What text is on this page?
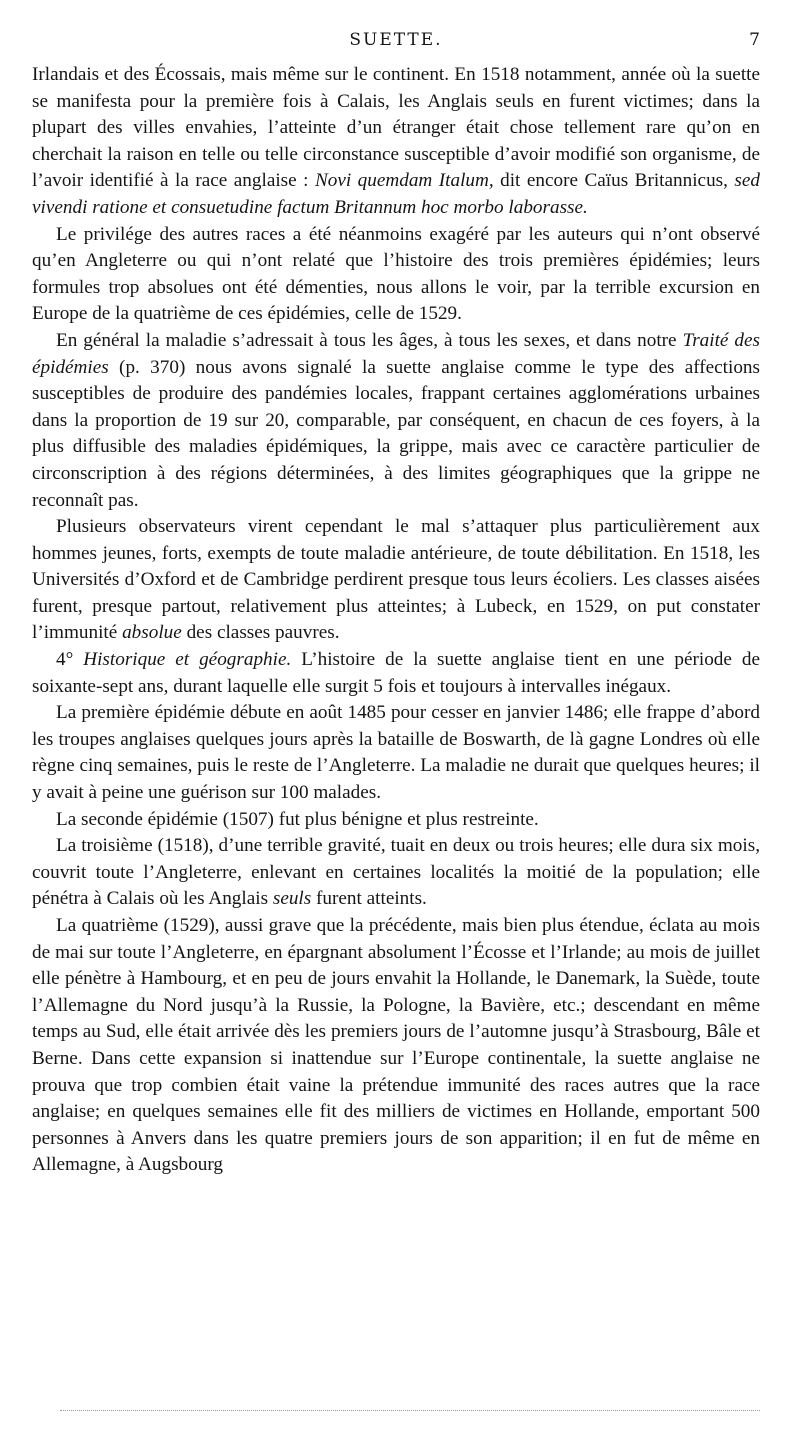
SUETTE.	7

Irlandais et des Écossais, mais même sur le continent. En 1518 notamment, année où la suette se manifesta pour la première fois à Calais, les Anglais seuls en furent victimes; dans la plupart des villes envahies, l’atteinte d’un étranger était chose tellement rare qu’on en cherchait la raison en telle ou telle circonstance susceptible d’avoir modifié son organisme, de l’avoir identifié à la race anglaise : Novi quemdam Italum, dit encore Caïus Britannicus, sed vivendi ratione et consuetudine factum Britannum hoc morbo laborasse.

Le privilége des autres races a été néanmoins exagéré par les auteurs qui n’ont observé qu’en Angleterre ou qui n’ont relaté que l’histoire des trois premières épidémies; leurs formules trop absolues ont été démenties, nous allons le voir, par la terrible excursion en Europe de la quatrième de ces épidémies, celle de 1529.

En général la maladie s’adressait à tous les âges, à tous les sexes, et dans notre Traité des épidémies (p. 370) nous avons signalé la suette anglaise comme le type des affections susceptibles de produire des pandémies locales, frappant certaines agglomérations urbaines dans la proportion de 19 sur 20, comparable, par conséquent, en chacun de ces foyers, à la plus diffusible des maladies épidémiques, la grippe, mais avec ce caractère particulier de circonscription à des régions déterminées, à des limites géographiques que la grippe ne reconnaît pas.

Plusieurs observateurs virent cependant le mal s’attaquer plus particulièrement aux hommes jeunes, forts, exempts de toute maladie antérieure, de toute débilitation. En 1518, les Universités d’Oxford et de Cambridge perdirent presque tous leurs écoliers. Les classes aisées furent, presque partout, relativement plus atteintes; à Lubeck, en 1529, on put constater l’immunité absolue des classes pauvres.

4° Historique et géographie. L’histoire de la suette anglaise tient en une période de soixante-sept ans, durant laquelle elle surgit 5 fois et toujours à intervalles inégaux.

La première épidémie débute en août 1485 pour cesser en janvier 1486; elle frappe d’abord les troupes anglaises quelques jours après la bataille de Boswarth, de là gagne Londres où elle règne cinq semaines, puis le reste de l’Angleterre. La maladie ne durait que quelques heures; il y avait à peine une guérison sur 100 malades.

La seconde épidémie (1507) fut plus bénigne et plus restreinte.

La troisième (1518), d’une terrible gravité, tuait en deux ou trois heures; elle dura six mois, couvrit toute l’Angleterre, enlevant en certaines localités la moitié de la population; elle pénétra à Calais où les Anglais seuls furent atteints.

La quatrième (1529), aussi grave que la précédente, mais bien plus étendue, éclata au mois de mai sur toute l’Angleterre, en épargnant absolument l’Écosse et l’Irlande; au mois de juillet elle pénètre à Hambourg, et en peu de jours envahit la Hollande, le Danemark, la Suède, toute l’Allemagne du Nord jusqu’à la Russie, la Pologne, la Bavière, etc.; descendant en même temps au Sud, elle était arrivée dès les premiers jours de l’automne jusqu’à Strasbourg, Bâle et Berne. Dans cette expansion si inattendue sur l’Europe continentale, la suette anglaise ne prouva que trop combien était vaine la prétendue immunité des races autres que la race anglaise; en quelques semaines elle fit des milliers de victimes en Hollande, emportant 500 personnes à Anvers dans les quatre premiers jours de son apparition; il en fut de même en Allemagne, à Augsbourg
